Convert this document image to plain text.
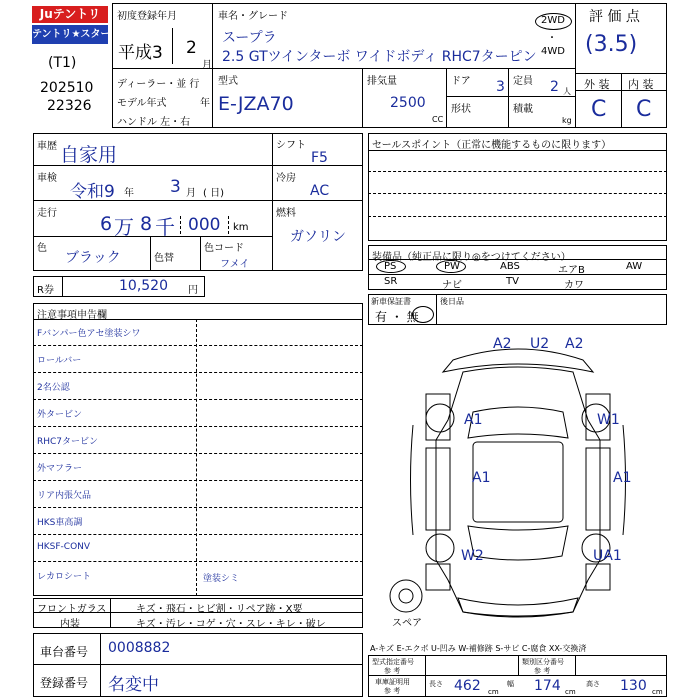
Juテントリ
テントリ★スター
(T1)
202510
22326
初度登録年月
平成3 2
月
車名・グレード
スープラ
2.5 GTツインターボ ワイドボディ RHC7ターピン
2WD
・
4WD
評 価 点
(3.5)
外 装 内 装
C C
ディーラー・並 行
モデル年式	年
ハンドル 左・右
型式
E-JZA70
排気量
2500
CC
ドア 3 定員 2 人
形状	積載
kg
車歴 自家用	シフト
F5
車検
令和9 年 3 月 ( 日)
冷房
AC
走行 6 万 8 千 000 km
燃料
ガソリン
色
ブラック	色替
色コード
フメイ
R券	10,520 円
セールスポイント（正常に機能するものに限ります）
装備品（純正品に限り◎をつけてください）
PS	PW	ABS	エアB	AW
SR	ナビ	TV	カワ
新車保証書
有 ・ 無
後日品
注意事項申告欄
Fバンパー色アセ塗装シワ
ロールバー
2名公認
外タービン
RHC7タービン
外マフラー
リア内張欠品
HKS車高調
HKSF-CONV
レカロシート	塗装シミ
A2 U2 A2
A1	W1
A1	A1
W2	UA1
スペア
フロントガラス	キズ・飛石・ヒビ割・リペア跡・X要
内装	キズ・汚レ・コゲ・穴・スレ・キレ・破レ
車台番号 0008882
登録番号 名変中
A-キズ E-エクボ U-凹み W-補修跡 S-サビ C-腐食 XX-交換済
型式指定番号
参 考
類別区分番号
参 考
車庫証明用
参 考
長さ 462 cm
幅 174 cm
高さ 130 cm
